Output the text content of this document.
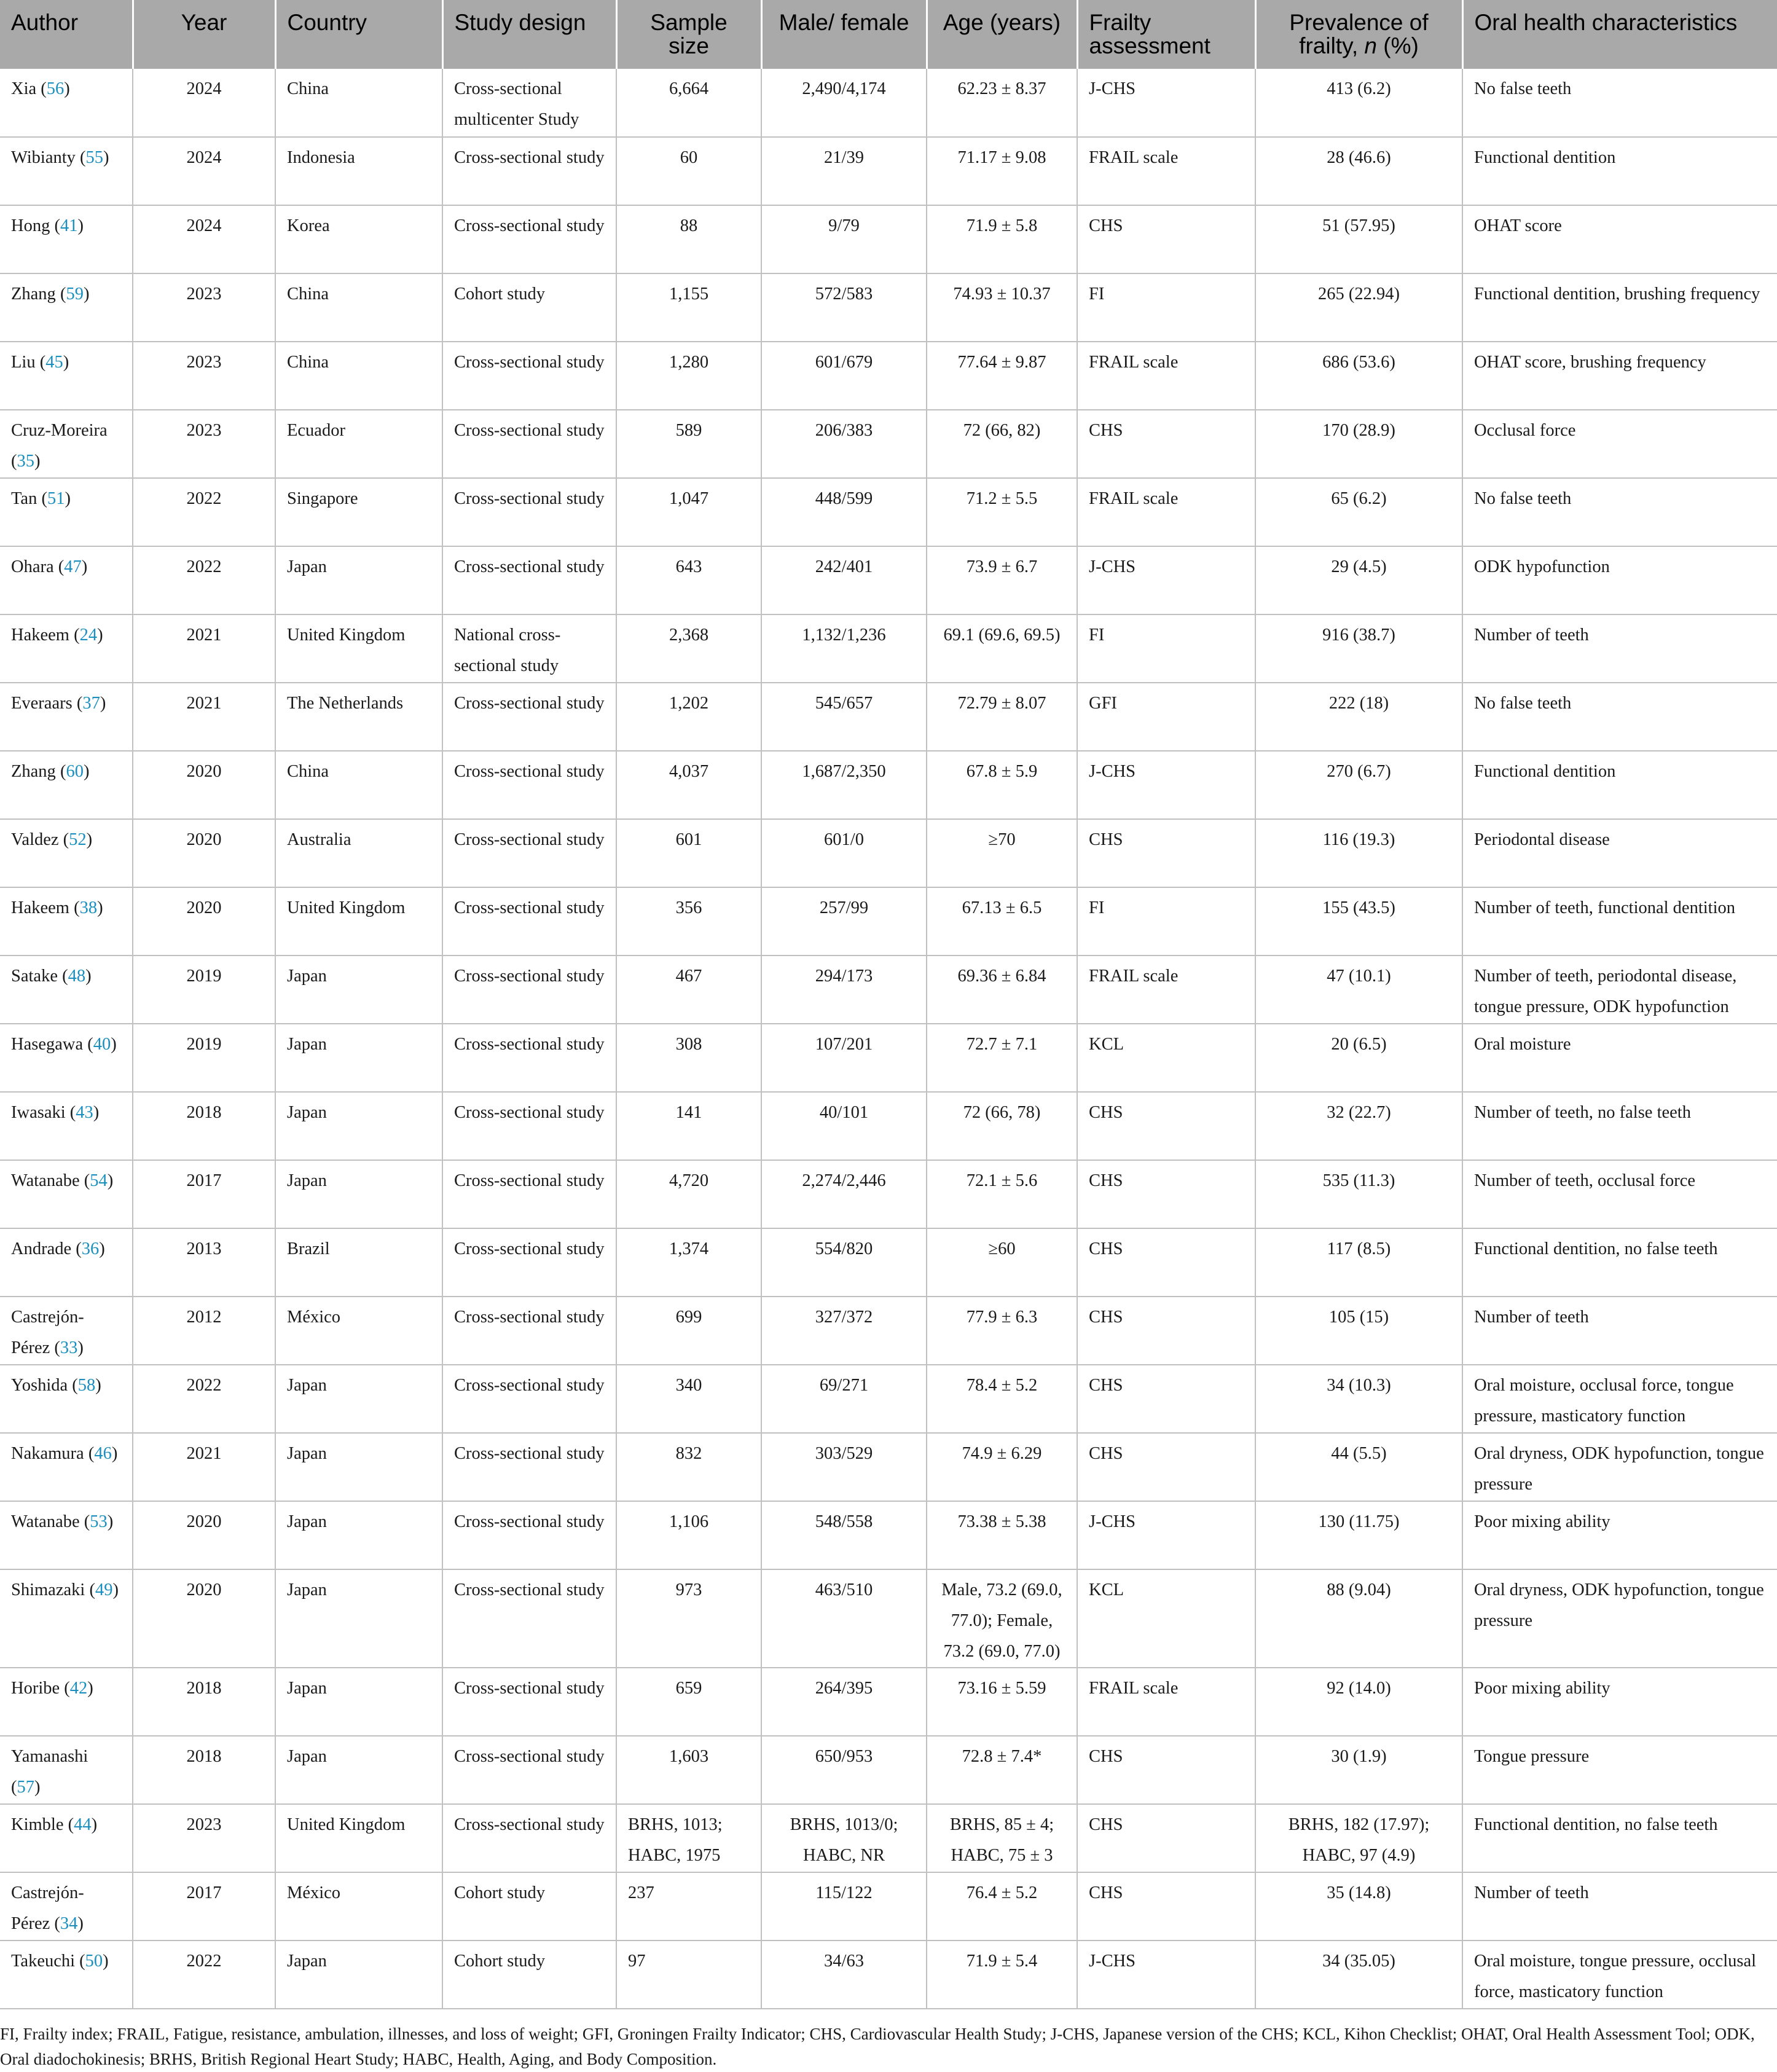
Author	Year	Country	Study design	Sample size	Male/ female	Age (years)	Frailty assessment	Prevalence of frailty, n (%)	Oral health characteristics
Xia (56)	2024	China	Cross-sectional multicenter Study	6,664	2,490/4,174	62.23 ± 8.37	J-CHS	413 (6.2)	No false teeth
Wibianty (55)	2024	Indonesia	Cross-sectional study	60	21/39	71.17 ± 9.08	FRAIL scale	28 (46.6)	Functional dentition
Hong (41)	2024	Korea	Cross-sectional study	88	9/79	71.9 ± 5.8	CHS	51 (57.95)	OHAT score
Zhang (59)	2023	China	Cohort study	1,155	572/583	74.93 ± 10.37	FI	265 (22.94)	Functional dentition, brushing frequency
Liu (45)	2023	China	Cross-sectional study	1,280	601/679	77.64 ± 9.87	FRAIL scale	686 (53.6)	OHAT score, brushing frequency
Cruz-Moreira (35)	2023	Ecuador	Cross-sectional study	589	206/383	72 (66, 82)	CHS	170 (28.9)	Occlusal force
Tan (51)	2022	Singapore	Cross-sectional study	1,047	448/599	71.2 ± 5.5	FRAIL scale	65 (6.2)	No false teeth
Ohara (47)	2022	Japan	Cross-sectional study	643	242/401	73.9 ± 6.7	J-CHS	29 (4.5)	ODK hypofunction
Hakeem (24)	2021	United Kingdom	National cross-sectional study	2,368	1,132/1,236	69.1 (69.6, 69.5)	FI	916 (38.7)	Number of teeth
Everaars (37)	2021	The Netherlands	Cross-sectional study	1,202	545/657	72.79 ± 8.07	GFI	222 (18)	No false teeth
Zhang (60)	2020	China	Cross-sectional study	4,037	1,687/2,350	67.8 ± 5.9	J-CHS	270 (6.7)	Functional dentition
Valdez (52)	2020	Australia	Cross-sectional study	601	601/0	≥70	CHS	116 (19.3)	Periodontal disease
Hakeem (38)	2020	United Kingdom	Cross-sectional study	356	257/99	67.13 ± 6.5	FI	155 (43.5)	Number of teeth, functional dentition
Satake (48)	2019	Japan	Cross-sectional study	467	294/173	69.36 ± 6.84	FRAIL scale	47 (10.1)	Number of teeth, periodontal disease, tongue pressure, ODK hypofunction
Hasegawa (40)	2019	Japan	Cross-sectional study	308	107/201	72.7 ± 7.1	KCL	20 (6.5)	Oral moisture
Iwasaki (43)	2018	Japan	Cross-sectional study	141	40/101	72 (66, 78)	CHS	32 (22.7)	Number of teeth, no false teeth
Watanabe (54)	2017	Japan	Cross-sectional study	4,720	2,274/2,446	72.1 ± 5.6	CHS	535 (11.3)	Number of teeth, occlusal force
Andrade (36)	2013	Brazil	Cross-sectional study	1,374	554/820	≥60	CHS	117 (8.5)	Functional dentition, no false teeth
Castrejón-Pérez (33)	2012	México	Cross-sectional study	699	327/372	77.9 ± 6.3	CHS	105 (15)	Number of teeth
Yoshida (58)	2022	Japan	Cross-sectional study	340	69/271	78.4 ± 5.2	CHS	34 (10.3)	Oral moisture, occlusal force, tongue pressure, masticatory function
Nakamura (46)	2021	Japan	Cross-sectional study	832	303/529	74.9 ± 6.29	CHS	44 (5.5)	Oral dryness, ODK hypofunction, tongue pressure
Watanabe (53)	2020	Japan	Cross-sectional study	1,106	548/558	73.38 ± 5.38	J-CHS	130 (11.75)	Poor mixing ability
Shimazaki (49)	2020	Japan	Cross-sectional study	973	463/510	Male, 73.2 (69.0, 77.0); Female, 73.2 (69.0, 77.0)	KCL	88 (9.04)	Oral dryness, ODK hypofunction, tongue pressure
Horibe (42)	2018	Japan	Cross-sectional study	659	264/395	73.16 ± 5.59	FRAIL scale	92 (14.0)	Poor mixing ability
Yamanashi (57)	2018	Japan	Cross-sectional study	1,603	650/953	72.8 ± 7.4*	CHS	30 (1.9)	Tongue pressure
Kimble (44)	2023	United Kingdom	Cross-sectional study	BRHS, 1013; HABC, 1975	BRHS, 1013/0; HABC, NR	BRHS, 85 ± 4; HABC, 75 ± 3	CHS	BRHS, 182 (17.97); HABC, 97 (4.9)	Functional dentition, no false teeth
Castrejón-Pérez (34)	2017	México	Cohort study	237	115/122	76.4 ± 5.2	CHS	35 (14.8)	Number of teeth
Takeuchi (50)	2022	Japan	Cohort study	97	34/63	71.9 ± 5.4	J-CHS	34 (35.05)	Oral moisture, tongue pressure, occlusal force, masticatory function
FI, Frailty index; FRAIL, Fatigue, resistance, ambulation, illnesses, and loss of weight; GFI, Groningen Frailty Indicator; CHS, Cardiovascular Health Study; J-CHS, Japanese version of the CHS; KCL, Kihon Checklist; OHAT, Oral Health Assessment Tool; ODK, Oral diadochokinesis; BRHS, British Regional Heart Study; HABC, Health, Aging, and Body Composition.
